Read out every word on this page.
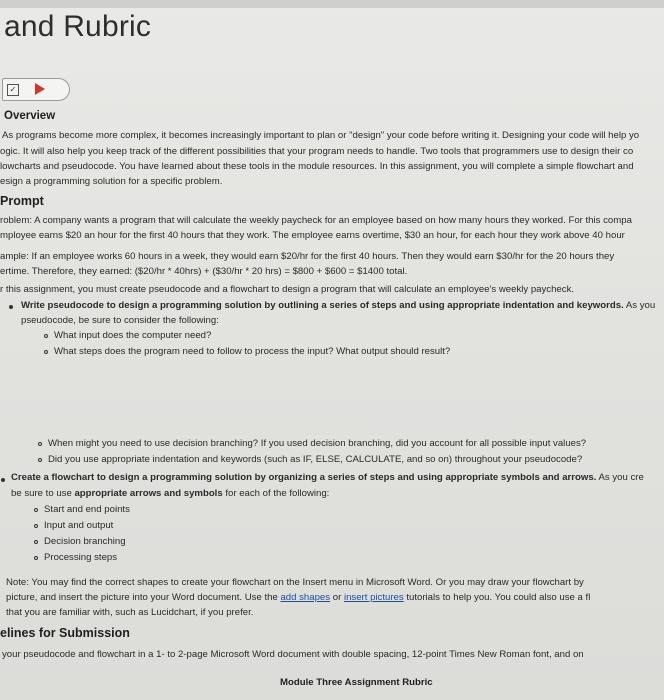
and Rubric
✓
Overview
As programs become more complex, it becomes increasingly important to plan or "design" your code before writing it. Designing your code will help yo
ogic. It will also help you keep track of the different possibilities that your program needs to handle. Two tools that programmers use to design their co
lowcharts and pseudocode. You have learned about these tools in the module resources. In this assignment, you will complete a simple flowchart and
esign a programming solution for a specific problem.
Prompt
roblem: A company wants a program that will calculate the weekly paycheck for an employee based on how many hours they worked. For this compa
mployee earns $20 an hour for the first 40 hours that they work. The employee earns overtime, $30 an hour, for each hour they work above 40 hour
ample: If an employee works 60 hours in a week, they would earn $20/hr for the first 40 hours. Then they would earn $30/hr for the 20 hours they
ertime. Therefore, they earned: ($20/hr * 40hrs) + ($30/hr * 20 hrs) = $800 + $600 = $1400 total.
r this assignment, you must create pseudocode and a flowchart to design a program that will calculate an employee's weekly paycheck.
Write pseudocode to design a programming solution by outlining a series of steps and using appropriate indentation and keywords. As you
pseudocode, be sure to consider the following:
What input does the computer need?
What steps does the program need to follow to process the input? What output should result?
When might you need to use decision branching? If you used decision branching, did you account for all possible input values?
Did you use appropriate indentation and keywords (such as IF, ELSE, CALCULATE, and so on) throughout your pseudocode?
Create a flowchart to design a programming solution by organizing a series of steps and using appropriate symbols and arrows. As you cre
be sure to use appropriate arrows and symbols for each of the following:
Start and end points
Input and output
Decision branching
Processing steps
Note: You may find the correct shapes to create your flowchart on the Insert menu in Microsoft Word. Or you may draw your flowchart by
picture, and insert the picture into your Word document. Use the add shapes or insert pictures tutorials to help you. You could also use a fl
that you are familiar with, such as Lucidchart, if you prefer.
elines for Submission
your pseudocode and flowchart in a 1- to 2-page Microsoft Word document with double spacing, 12-point Times New Roman font, and on
Module Three Assignment Rubric
